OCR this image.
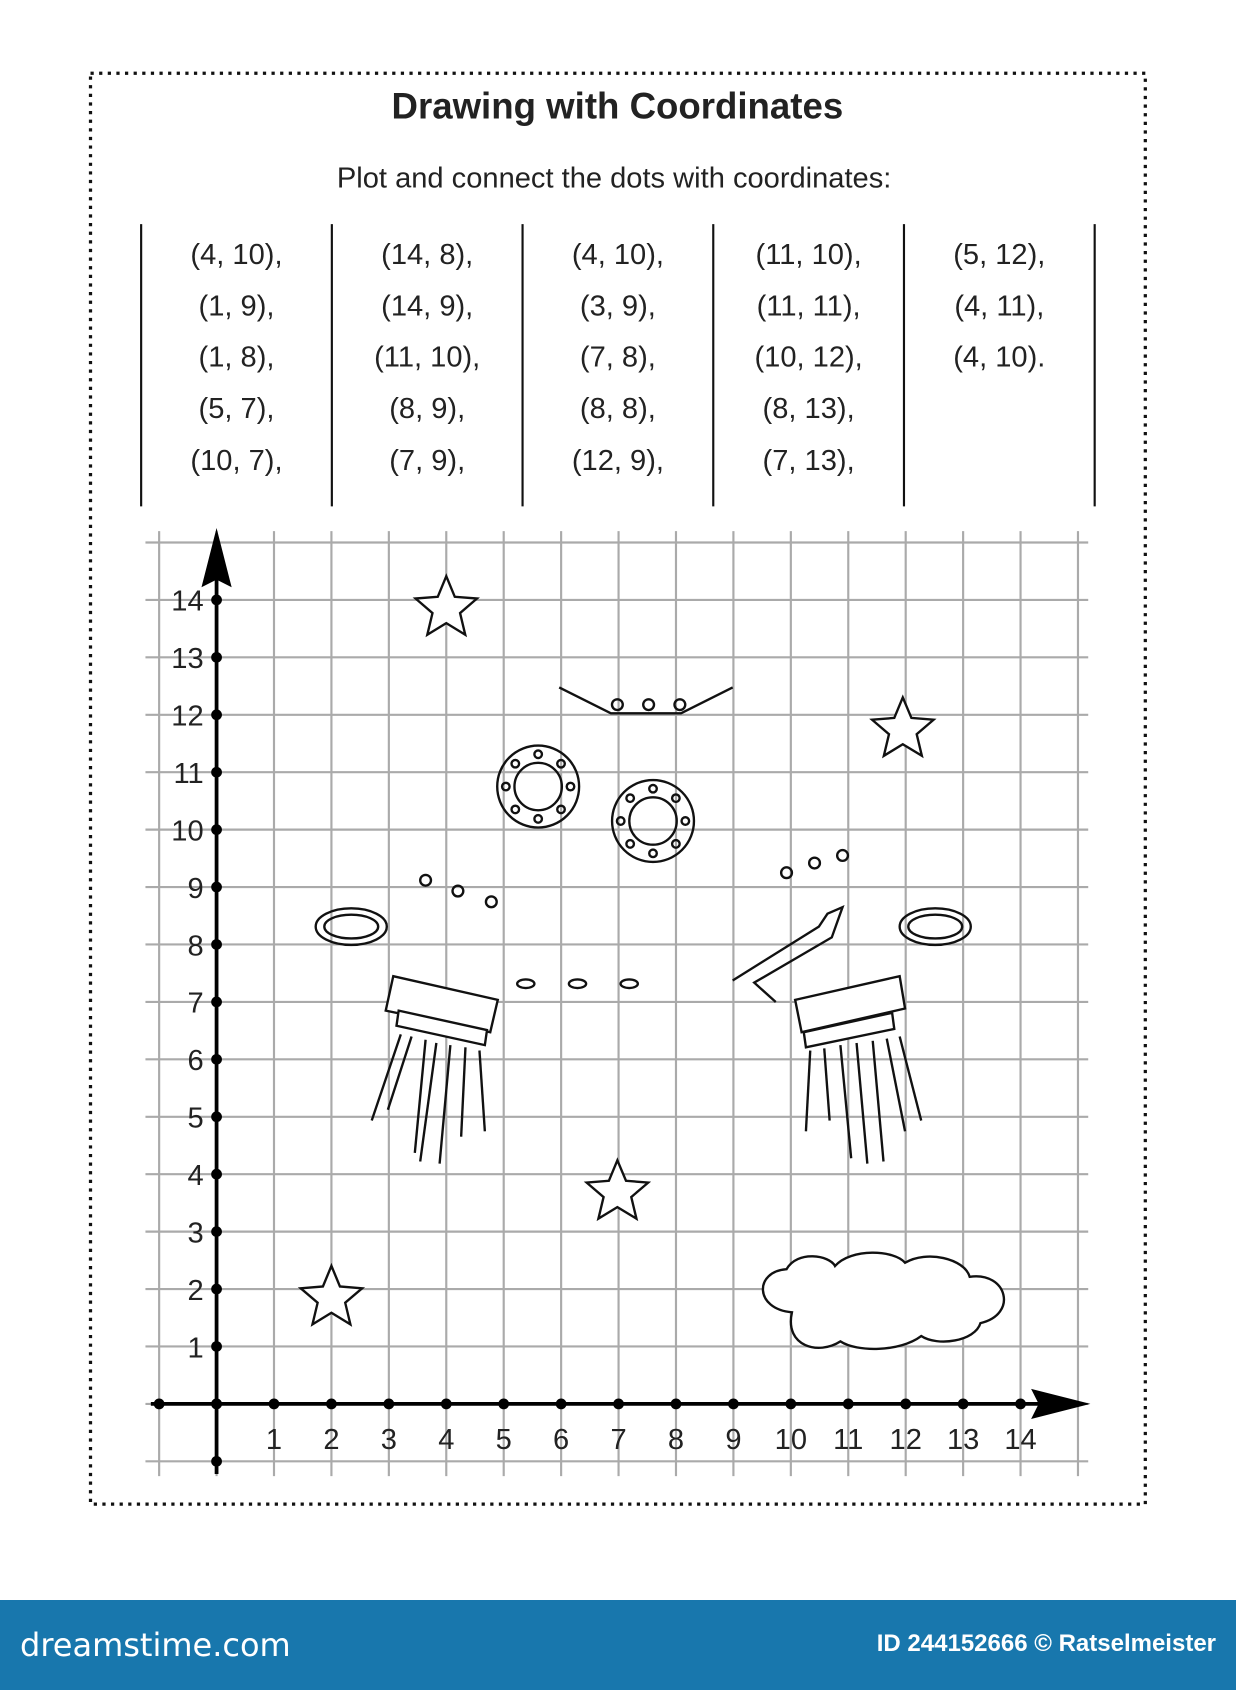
Drawing with Coordinates
Plot and connect the dots with coordinates:
(4, 10),
(1, 9),
(1, 8),
(5, 7),
(10, 7),
(14, 8),
(14, 9),
(11, 10),
(8, 9),
(7, 9),
(4, 10),
(3, 9),
(7, 8),
(8, 8),
(12, 9),
(11, 10),
(11, 11),
(10, 12),
(8, 13),
(7, 13),
(5, 12),
(4, 11),
(4, 10).
1 2 3 4 5 6 7 8 9 10 11 12 13 14
1
2
3
4
5
6
7
8
9
10
11
12
13
14
dreamstime.com	ID 244152666 © Ratselmeister
